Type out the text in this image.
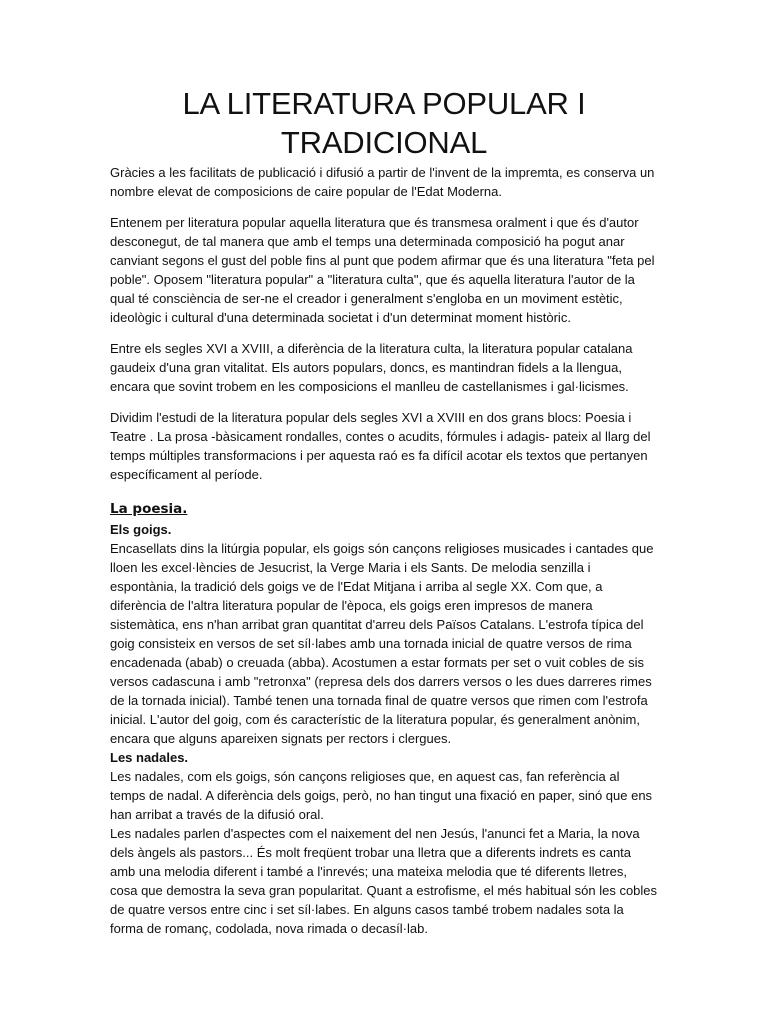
LA LITERATURA POPULAR I TRADICIONAL

Gràcies a les facilitats de publicació i difusió a partir de l'invent de la impremta, es conserva un nombre elevat de composicions de caire popular de l'Edat Moderna.

Entenem per literatura popular aquella literatura que és transmesa oralment i que és d'autor desconegut, de tal manera que amb el temps una determinada composició ha pogut anar canviant segons el gust del poble fins al punt que podem afirmar que és una literatura "feta pel poble". Oposem "literatura popular" a "literatura culta", que és aquella literatura l'autor de la qual té consciència de ser-ne el creador i generalment s'engloba en un moviment estètic, ideològic i cultural d'una determinada societat i d'un determinat moment històric.

Entre els segles XVI a XVIII, a diferència de la literatura culta, la literatura popular catalana gaudeix d'una gran vitalitat. Els autors populars, doncs, es mantindran fidels a la llengua, encara que sovint trobem en les composicions el manlleu de castellanismes i gal·licismes.

Dividim l'estudi de la literatura popular dels segles XVI a XVIII en dos grans blocs: Poesia i Teatre . La prosa -bàsicament rondalles, contes o acudits, fórmules i adagis- pateix al llarg del temps múltiples transformacions i per aquesta raó es fa difícil acotar els textos que pertanyen específicament al període.

La poesia.
Els goigs.

Encasellats dins la litúrgia popular, els goigs són cançons religioses musicades i cantades que lloen les excel·lències de Jesucrist, la Verge Maria i els Sants. De melodia senzilla i espontània, la tradició dels goigs ve de l'Edat Mitjana i arriba al segle XX. Com que, a diferència de l'altra literatura popular de l'època, els goigs eren impresos de manera sistemàtica, ens n'han arribat gran quantitat d'arreu dels Països Catalans. L'estrofa típica del goig consisteix en versos de set síl·labes amb una tornada inicial de quatre versos de rima encadenada (abab) o creuada (abba). Acostumen a estar formats per set o vuit cobles de sis versos cadascuna i amb "retronxa" (represa dels dos darrers versos o les dues darreres rimes de la tornada inicial). També tenen una tornada final de quatre versos que rimen com l'estrofa inicial. L'autor del goig, com és característic de la literatura popular, és generalment anònim, encara que alguns apareixen signats per rectors i clergues.

Les nadales.

Les nadales, com els goigs, són cançons religioses que, en aquest cas, fan referència al temps de nadal. A diferència dels goigs, però, no han tingut una fixació en paper, sinó que ens han arribat a través de la difusió oral.

Les nadales parlen d'aspectes com el naixement del nen Jesús, l'anunci fet a Maria, la nova dels àngels als pastors... És molt freqüent trobar una lletra que a diferents indrets es canta amb una melodia diferent i també a l'inrevés; una mateixa melodia que té diferents lletres, cosa que demostra la seva gran popularitat. Quant a estrofisme, el més habitual són les cobles de quatre versos entre cinc i set síl·labes. En alguns casos també trobem nadales sota la forma de romanç, codolada, nova rimada o decasíl·lab.
